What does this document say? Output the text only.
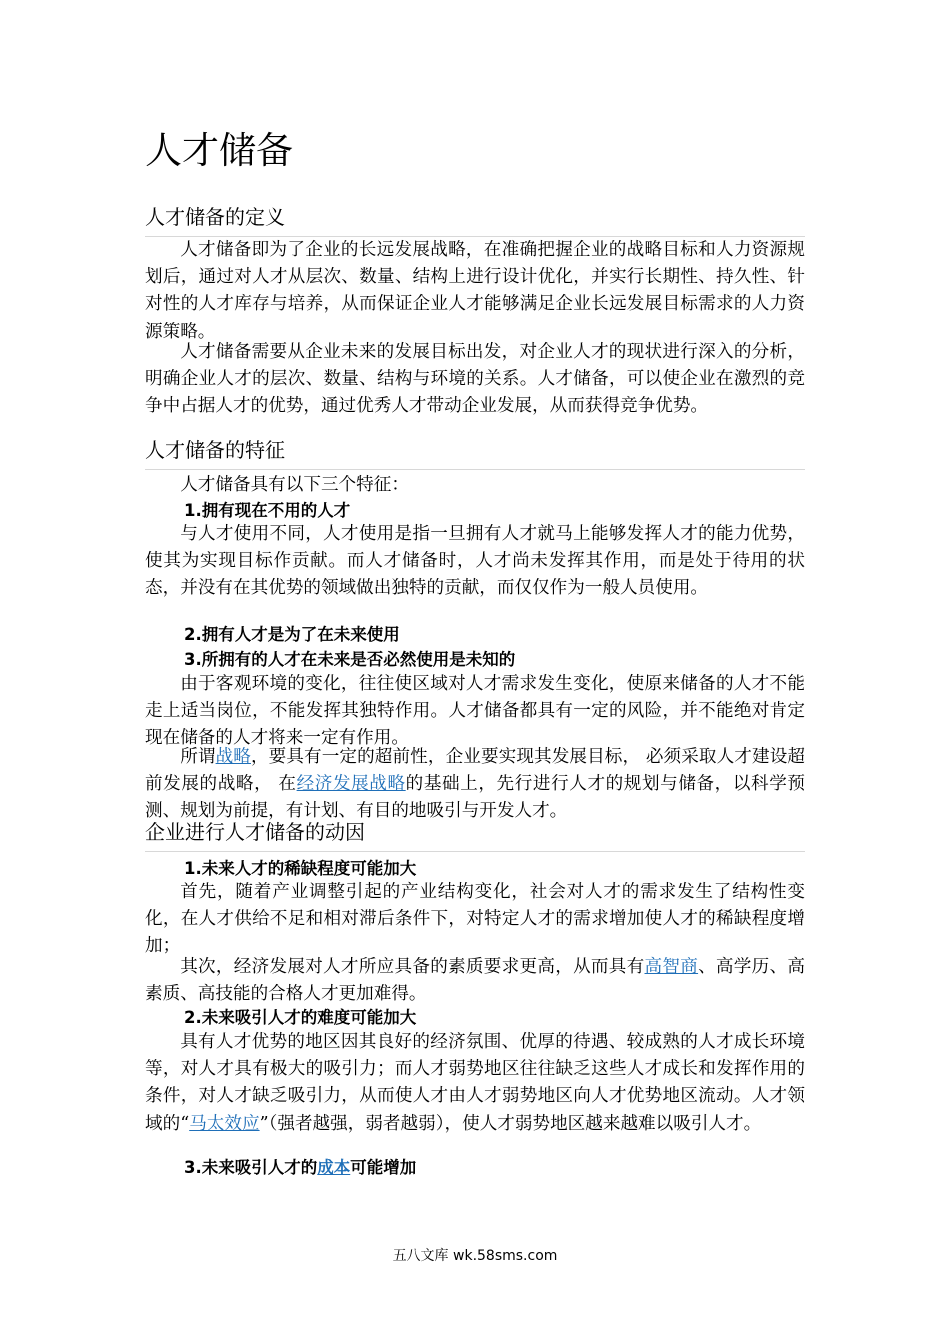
人才储备
人才储备的定义
人才储备即为了企业的长远发展战略，在准确把握企业的战略目标和人力资源规划后，通过对人才从层次、数量、结构上进行设计优化，并实行长期性、持久性、针对性的人才库存与培养，从而保证企业人才能够满足企业长远发展目标需求的人力资源策略。
人才储备需要从企业未来的发展目标出发，对企业人才的现状进行深入的分析，明确企业人才的层次、数量、结构与环境的关系。人才储备，可以使企业在激烈的竞争中占据人才的优势，通过优秀人才带动企业发展，从而获得竞争优势。
人才储备的特征
人才储备具有以下三个特征：
1.拥有现在不用的人才
与人才使用不同，人才使用是指一旦拥有人才就马上能够发挥人才的能力优势，使其为实现目标作贡献。而人才储备时，人才尚未发挥其作用，而是处于待用的状态，并没有在其优势的领域做出独特的贡献，而仅仅作为一般人员使用。
2.拥有人才是为了在未来使用
3.所拥有的人才在未来是否必然使用是未知的
由于客观环境的变化，往往使区域对人才需求发生变化，使原来储备的人才不能走上适当岗位，不能发挥其独特作用。人才储备都具有一定的风险，并不能绝对肯定现在储备的人才将来一定有作用。
所谓战略，要具有一定的超前性，企业要实现其发展目标， 必须采取人才建设超前发展的战略， 在经济发展战略的基础上，先行进行人才的规划与储备，以科学预测、规划为前提，有计划、有目的地吸引与开发人才。
企业进行人才储备的动因
1.未来人才的稀缺程度可能加大
首先，随着产业调整引起的产业结构变化，社会对人才的需求发生了结构性变化，在人才供给不足和相对滞后条件下，对特定人才的需求增加使人才的稀缺程度增加；
其次，经济发展对人才所应具备的素质要求更高，从而具有高智商、高学历、高素质、高技能的合格人才更加难得。
2.未来吸引人才的难度可能加大
具有人才优势的地区因其良好的经济氛围、优厚的待遇、较成熟的人才成长环境等，对人才具有极大的吸引力；而人才弱势地区往往缺乏这些人才成长和发挥作用的条件，对人才缺乏吸引力，从而使人才由人才弱势地区向人才优势地区流动。人才领域的“马太效应”（强者越强，弱者越弱），使人才弱势地区越来越难以吸引人才。
3.未来吸引人才的成本可能增加
五八文库 wk.58sms.com
